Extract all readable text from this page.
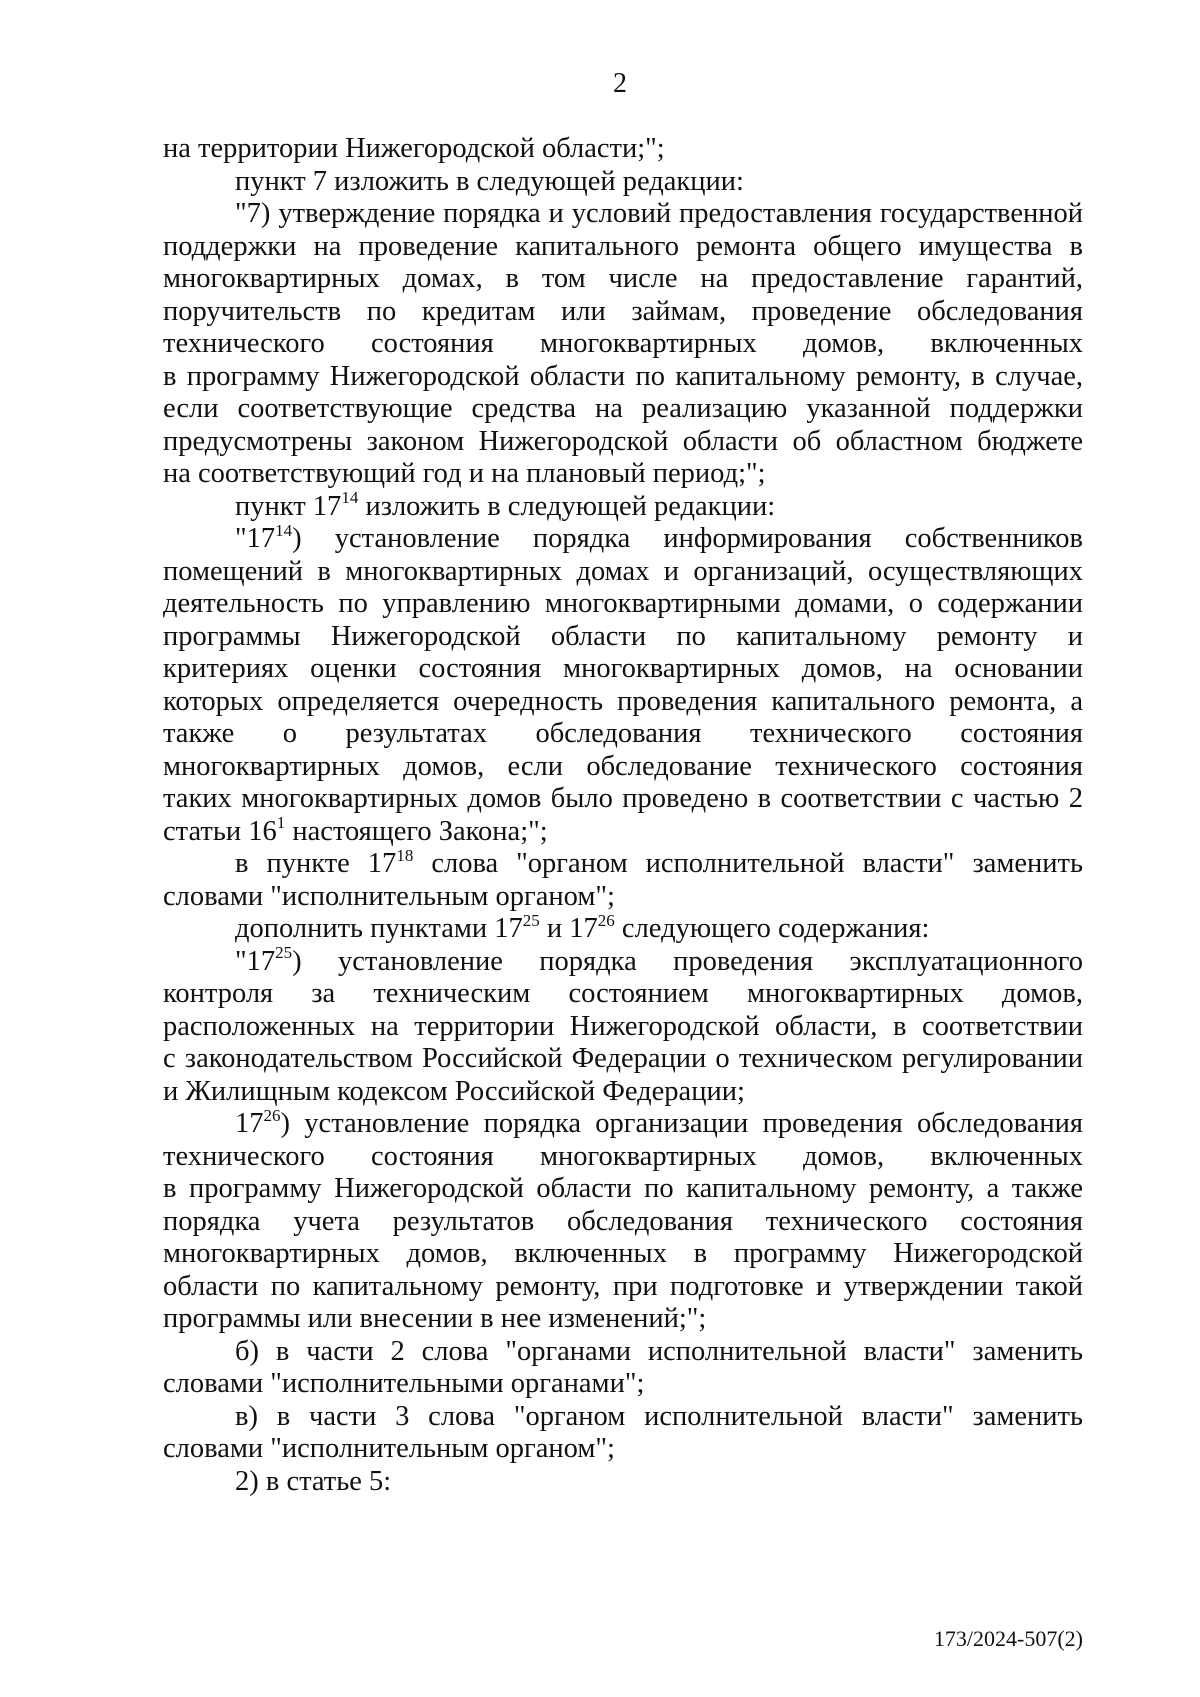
2
на территории Нижегородской области;";
пункт 7 изложить в следующей редакции:
"7) утверждение порядка и условий предоставления государственной
поддержки на проведение капитального ремонта общего имущества в
многоквартирных домах, в том числе на предоставление гарантий,
поручительств по кредитам или займам, проведение обследования
технического состояния многоквартирных домов, включенных
в программу Нижегородской области по капитальному ремонту, в случае,
если соответствующие средства на реализацию указанной поддержки
предусмотрены законом Нижегородской области об областном бюджете
на соответствующий год и на плановый период;";
пункт $17^{14}$ изложить в следующей редакции:
"$17^{14}$) установление порядка информирования собственников
помещений в многоквартирных домах и организаций, осуществляющих
деятельность по управлению многоквартирными домами, о содержании
программы Нижегородской области по капитальному ремонту и
критериях оценки состояния многоквартирных домов, на основании
которых определяется очередность проведения капитального ремонта, а
также о результатах обследования технического состояния
многоквартирных домов, если обследование технического состояния
таких многоквартирных домов было проведено в соответствии с частью 2
статьи $16^1$ настоящего Закона;";
в пункте $17^{18}$ слова "органом исполнительной власти" заменить
словами "исполнительным органом";
дополнить пунктами $17^{25}$ и $17^{26}$ следующего содержания:
"$17^{25}$) установление порядка проведения эксплуатационного
контроля за техническим состоянием многоквартирных домов,
расположенных на территории Нижегородской области, в соответствии
с законодательством Российской Федерации о техническом регулировании
и Жилищным кодексом Российской Федерации;
$17^{26}$) установление порядка организации проведения обследования
технического состояния многоквартирных домов, включенных
в программу Нижегородской области по капитальному ремонту, а также
порядка учета результатов обследования технического состояния
многоквартирных домов, включенных в программу Нижегородской
области по капитальному ремонту, при подготовке и утверждении такой
программы или внесении в нее изменений;";
б) в части 2 слова "органами исполнительной власти" заменить
словами "исполнительными органами";
в) в части 3 слова "органом исполнительной власти" заменить
словами "исполнительным органом";
2) в статье 5:
173/2024-507(2)
